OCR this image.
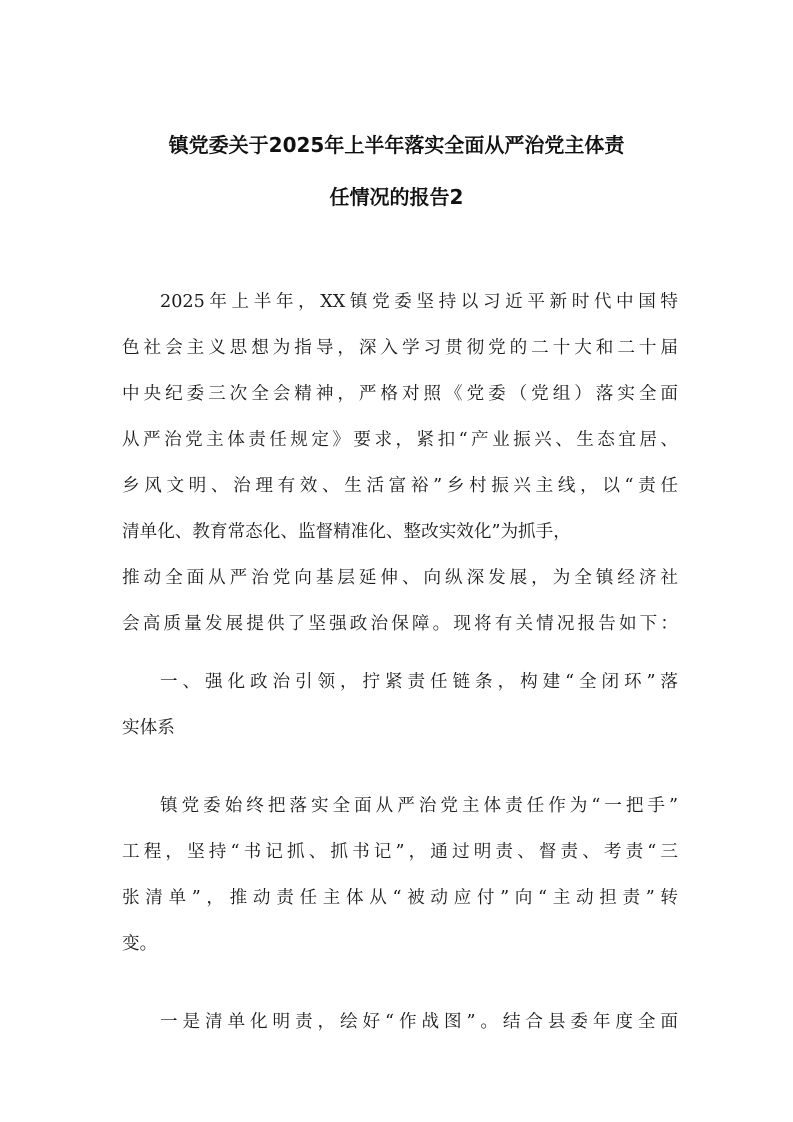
镇党委关于2025年上半年落实全面从严治党主体责
任情况的报告2

2025年上半年，XX镇党委坚持以习近平新时代中国特

色社会主义思想为指导，深入学习贯彻党的二十大和二十届

中央纪委三次全会精神，严格对照《党委（党组）落实全面

从严治党主体责任规定》要求，紧扣“产业振兴、生态宜居、

乡风文明、治理有效、生活富裕”乡村振兴主线，以“责任

清单化、教育常态化、监督精准化、整改实效化”为抓手，

推动全面从严治党向基层延伸、向纵深发展，为全镇经济社

会高质量发展提供了坚强政治保障。现将有关情况报告如下：

一、强化政治引领，拧紧责任链条，构建“全闭环”落

实体系

镇党委始终把落实全面从严治党主体责任作为“一把手”

工程，坚持“书记抓、抓书记”，通过明责、督责、考责“三

张清单”，推动责任主体从“被动应付”向“主动担责”转

变。

一是清单化明责，绘好“作战图”。结合县委年度全面
